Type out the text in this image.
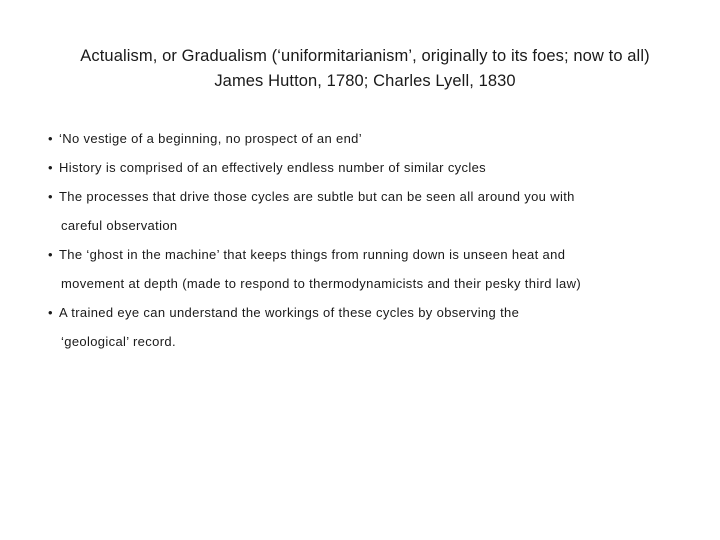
Actualism, or Gradualism (‘uniformitarianism’, originally to its foes; now to all)
James Hutton, 1780; Charles Lyell, 1830
• ‘No vestige of a beginning, no prospect of an end’
• History is comprised of an effectively endless number of similar cycles
• The processes that drive those cycles are subtle but can be seen all around you with
careful observation
• The ‘ghost in the machine’ that keeps things from running down is unseen heat and
movement at depth (made to respond to thermodynamicists and their pesky third law)
• A trained eye can understand the workings of these cycles by observing the
‘geological’ record.
